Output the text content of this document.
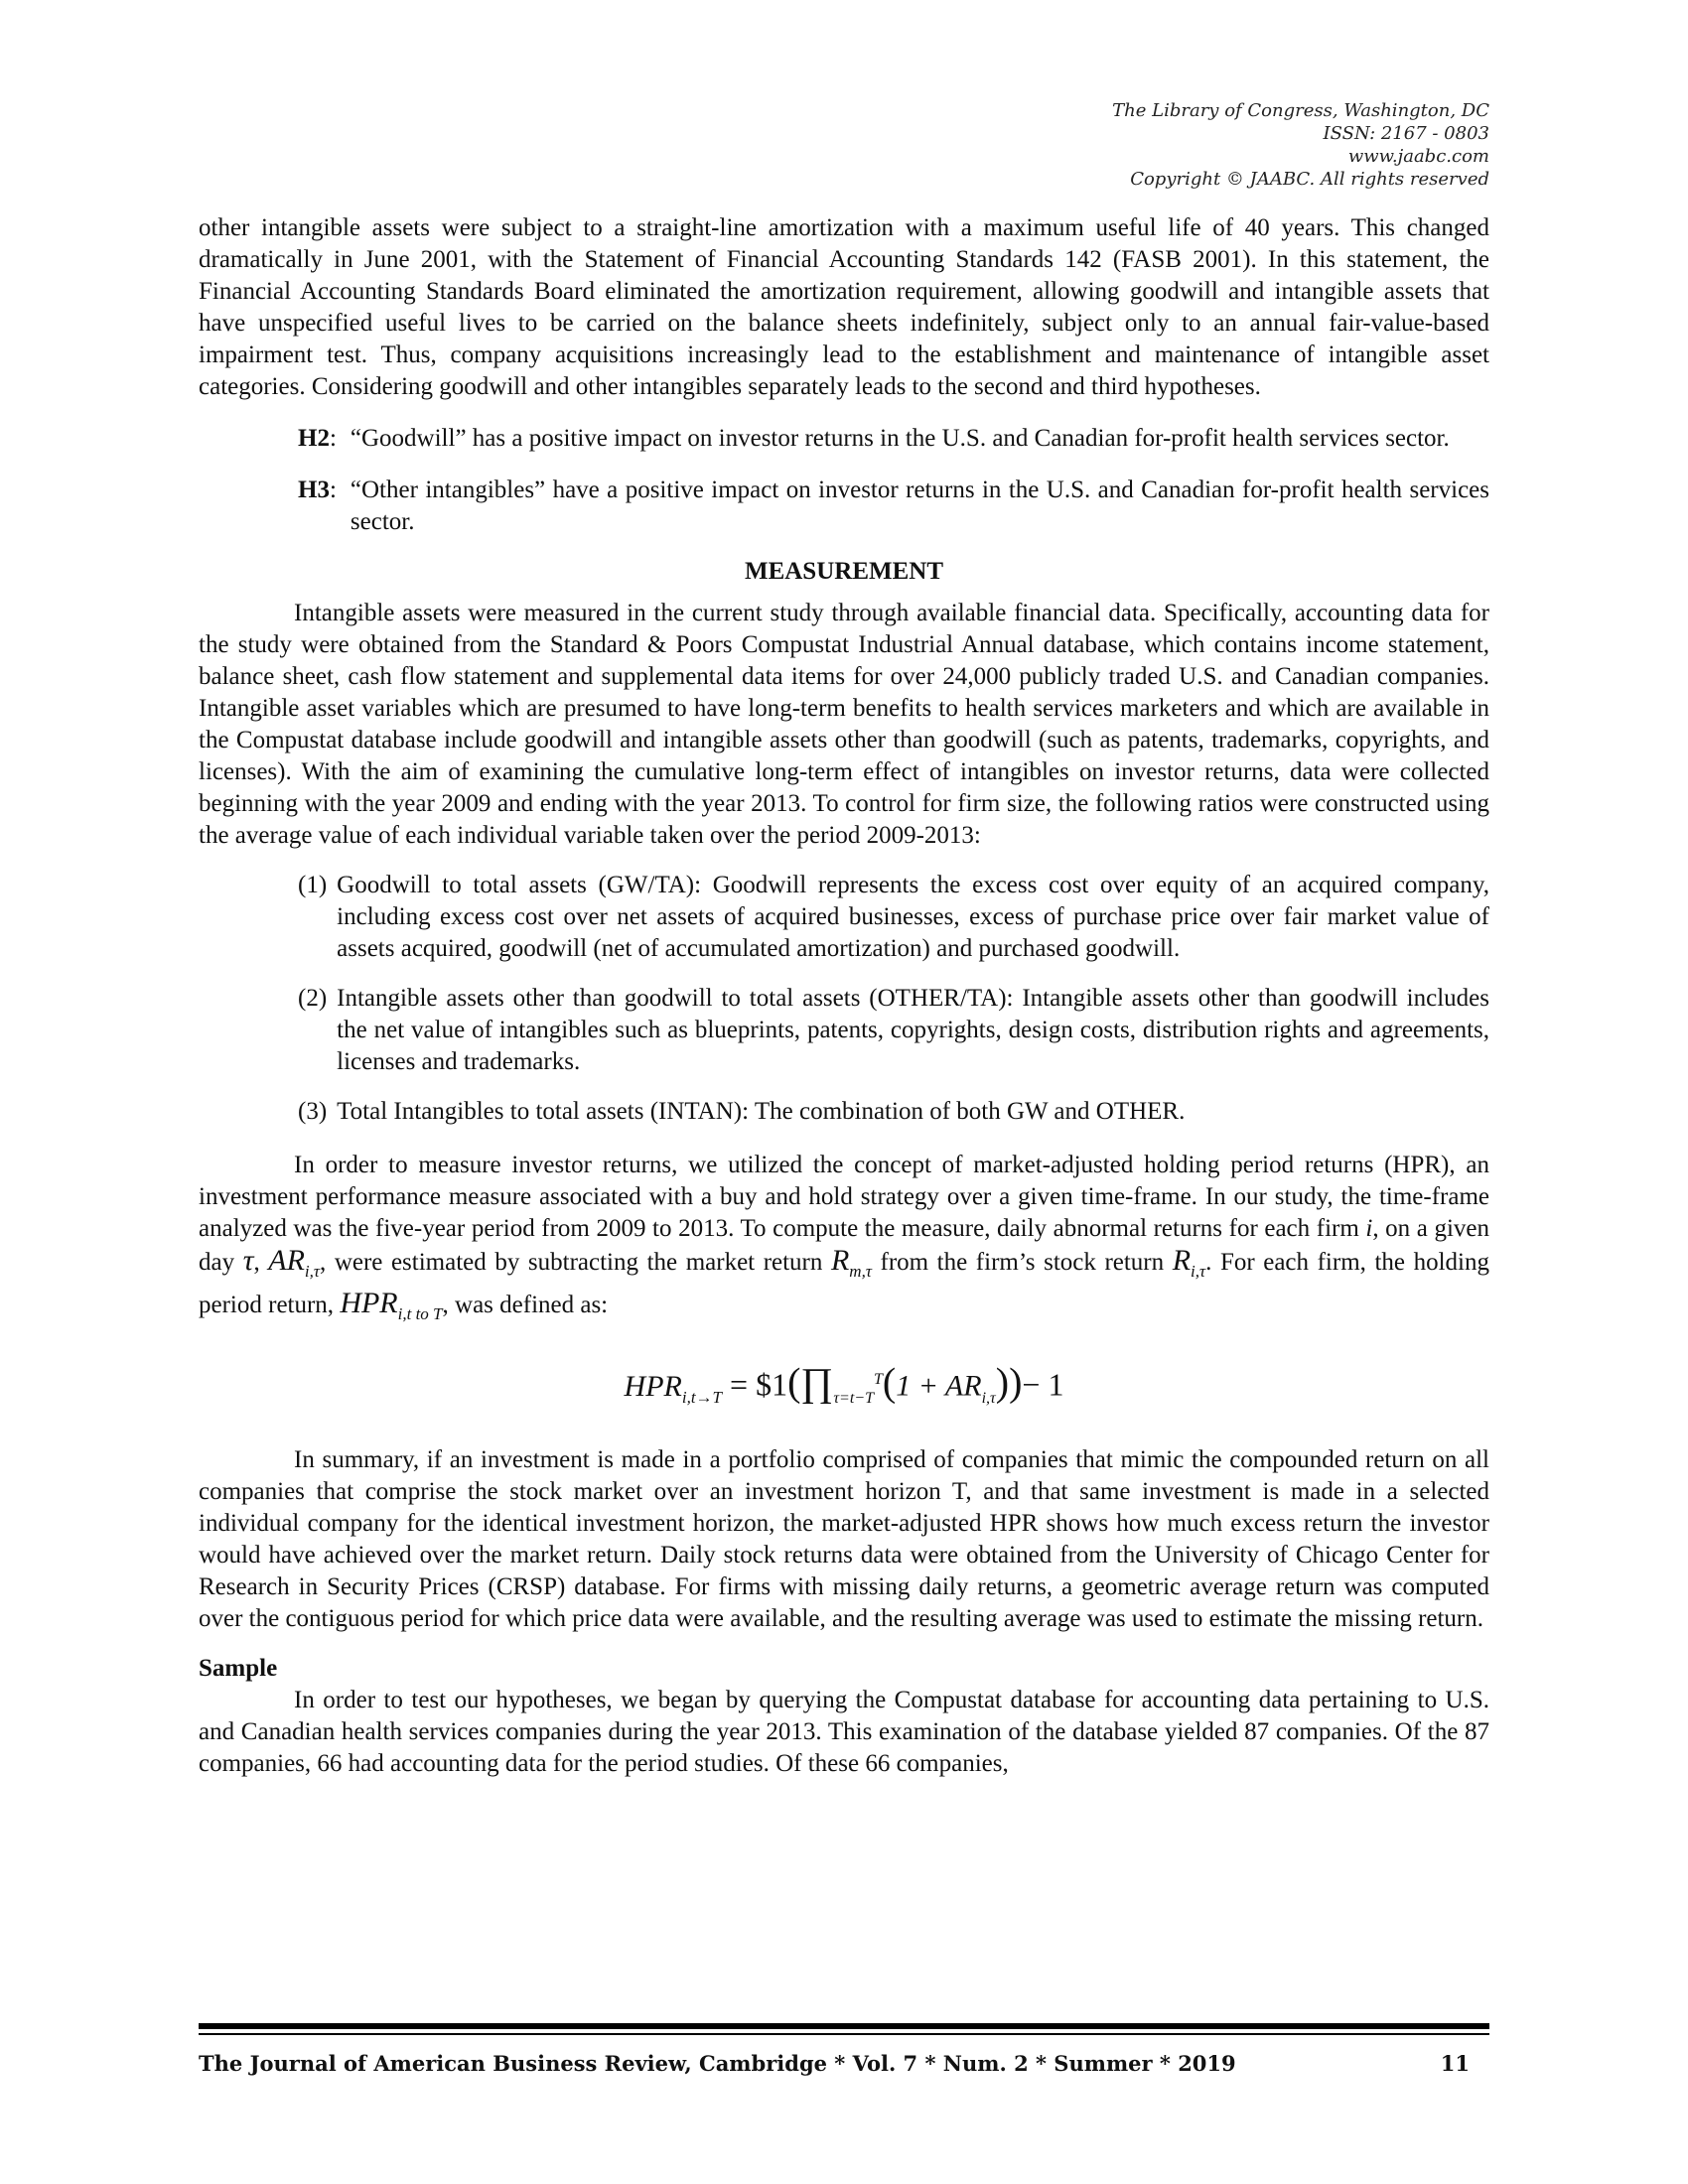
The Library of Congress, Washington, DC
ISSN: 2167 - 0803
www.jaabc.com
Copyright © JAABC. All rights reserved

other intangible assets were subject to a straight-line amortization with a maximum useful life of 40 years. This changed dramatically in June 2001, with the Statement of Financial Accounting Standards 142 (FASB 2001). In this statement, the Financial Accounting Standards Board eliminated the amortization requirement, allowing goodwill and intangible assets that have unspecified useful lives to be carried on the balance sheets indefinitely, subject only to an annual fair-value-based impairment test. Thus, company acquisitions increasingly lead to the establishment and maintenance of intangible asset categories. Considering goodwill and other intangibles separately leads to the second and third hypotheses.

H2 : “Goodwill” has a positive impact on investor returns in the U.S. and Canadian for-profit health services sector.
H3 : “Other intangibles” have a positive impact on investor returns in the U.S. and Canadian for-profit health services sector.
MEASUREMENT

Intangible assets were measured in the current study through available financial data. Specifically, accounting data for the study were obtained from the Standard & Poors Compustat Industrial Annual database, which contains income statement, balance sheet, cash flow statement and supplemental data items for over 24,000 publicly traded U.S. and Canadian companies. Intangible asset variables which are presumed to have long-term benefits to health services marketers and which are available in the Compustat database include goodwill and intangible assets other than goodwill (such as patents, trademarks, copyrights, and licenses). With the aim of examining the cumulative long-term effect of intangibles on investor returns, data were collected beginning with the year 2009 and ending with the year 2013. To control for firm size, the following ratios were constructed using the average value of each individual variable taken over the period 2009-2013:

(1) Goodwill to total assets (GW/TA): Goodwill represents the excess cost over equity of an acquired company, including excess cost over net assets of acquired businesses, excess of purchase price over fair market value of assets acquired, goodwill (net of accumulated amortization) and purchased goodwill.
(2) Intangible assets other than goodwill to total assets (OTHER/TA): Intangible assets other than goodwill includes the net value of intangibles such as blueprints, patents, copyrights, design costs, distribution rights and agreements, licenses and trademarks.
(3) Total Intangibles to total assets (INTAN): The combination of both GW and OTHER.

In order to measure investor returns, we utilized the concept of market-adjusted holding period returns (HPR), an investment performance measure associated with a buy and hold strategy over a given time-frame. In our study, the time-frame analyzed was the five-year period from 2009 to 2013. To compute the measure, daily abnormal returns for each firm i, on a given day τ, $AR_{i,\tau}$, were estimated by subtracting the market return $R_{m,\tau}$ from the firm’s stock return $R_{i,\tau}$. For each firm, the holding period return, $HPR_{i,t to T}$, was defined as:

$HPR_{i,t\to T}$ = $\$1(\prod_{\tau=t-T}^T(1 + AR_{i,\tau}))- 1$

In summary, if an investment is made in a portfolio comprised of companies that mimic the compounded return on all companies that comprise the stock market over an investment horizon T, and that same investment is made in a selected individual company for the identical investment horizon, the market-adjusted HPR shows how much excess return the investor would have achieved over the market return. Daily stock returns data were obtained from the University of Chicago Center for Research in Security Prices (CRSP) database. For firms with missing daily returns, a geometric average return was computed over the contiguous period for which price data were available, and the resulting average was used to estimate the missing return.

Sample

In order to test our hypotheses, we began by querying the Compustat database for accounting data pertaining to U.S. and Canadian health services companies during the year 2013. This examination of the database yielded 87 companies. Of the 87 companies, 66 had accounting data for the period studies. Of these 66 companies,

The Journal of American Business Review, Cambridge * Vol. 7 * Num. 2 * Summer * 2019	11
